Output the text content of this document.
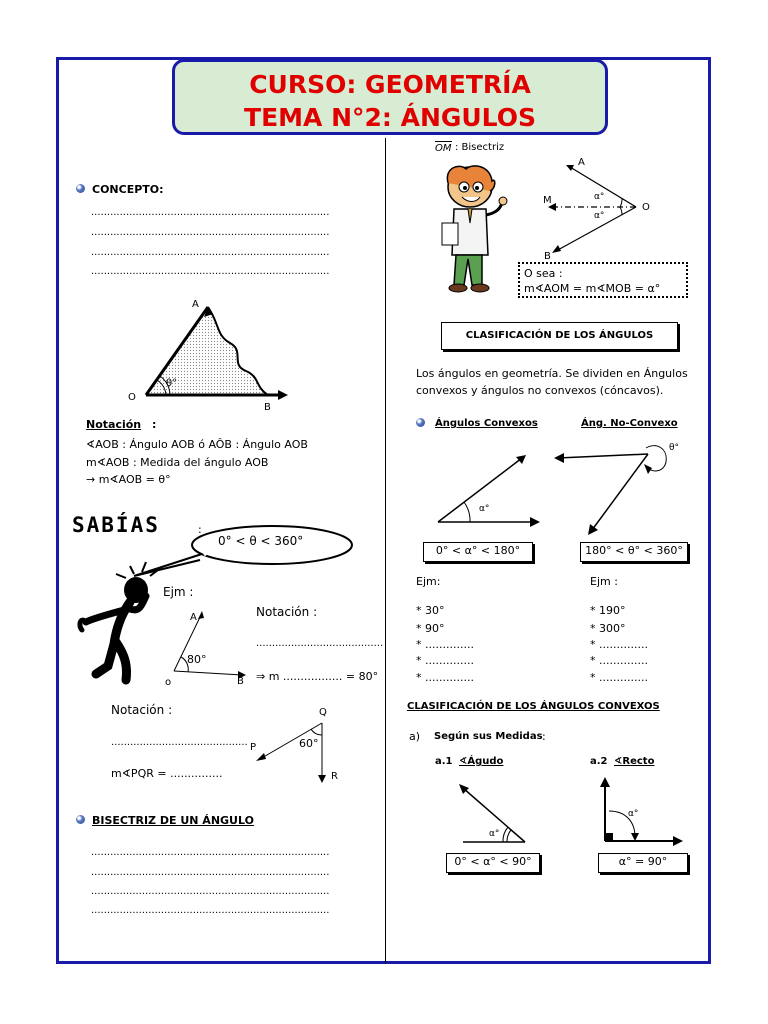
CURSO: GEOMETRÍA
TEMA N°2: ÁNGULOS
CONCEPTO:
...........................................................................
...........................................................................
...........................................................................
...........................................................................
A
O
B
θ°
Notación :
∢AOB : Ángulo AOB ó AÔB : Ángulo AOB
m∢AOB : Medida del ángulo AOB
→ m∢AOB = θ°
SABÍAS	:
0° < θ < 360°
Ejm :
A
80°
o	B
Notación :
........................................
⇒ m ................. = 80°
Notación :
...........................................
m∢PQR = ...............
Q
P	60°
R
BISECTRIZ DE UN ÁNGULO
...........................................................................
...........................................................................
...........................................................................
...........................................................................
OM : Bisectriz
A
M
O
α°
α°
B
O sea :
m∢AOM = m∢MOB = α°
CLASIFICACIÓN DE LOS ÁNGULOS
Los ángulos en geometría. Se dividen en Ángulos
convexos y ángulos no convexos (cóncavos).
Ángulos Convexos	Áng. No-Convexo
α°
θ°
0° < α° < 180°	180° < θ° < 360°
Ejm:	Ejm :
* 30°
* 90°
* ..............
* ..............
* ..............
* 190°
* 300°
* ..............
* ..............
* ..............
CLASIFICACIÓN DE LOS ÁNGULOS CONVEXOS
a) Según sus Medidas :
a.1 ∢Águdo	a.2 ∢Recto
α°
α°
0° < α° < 90°	α° = 90°
